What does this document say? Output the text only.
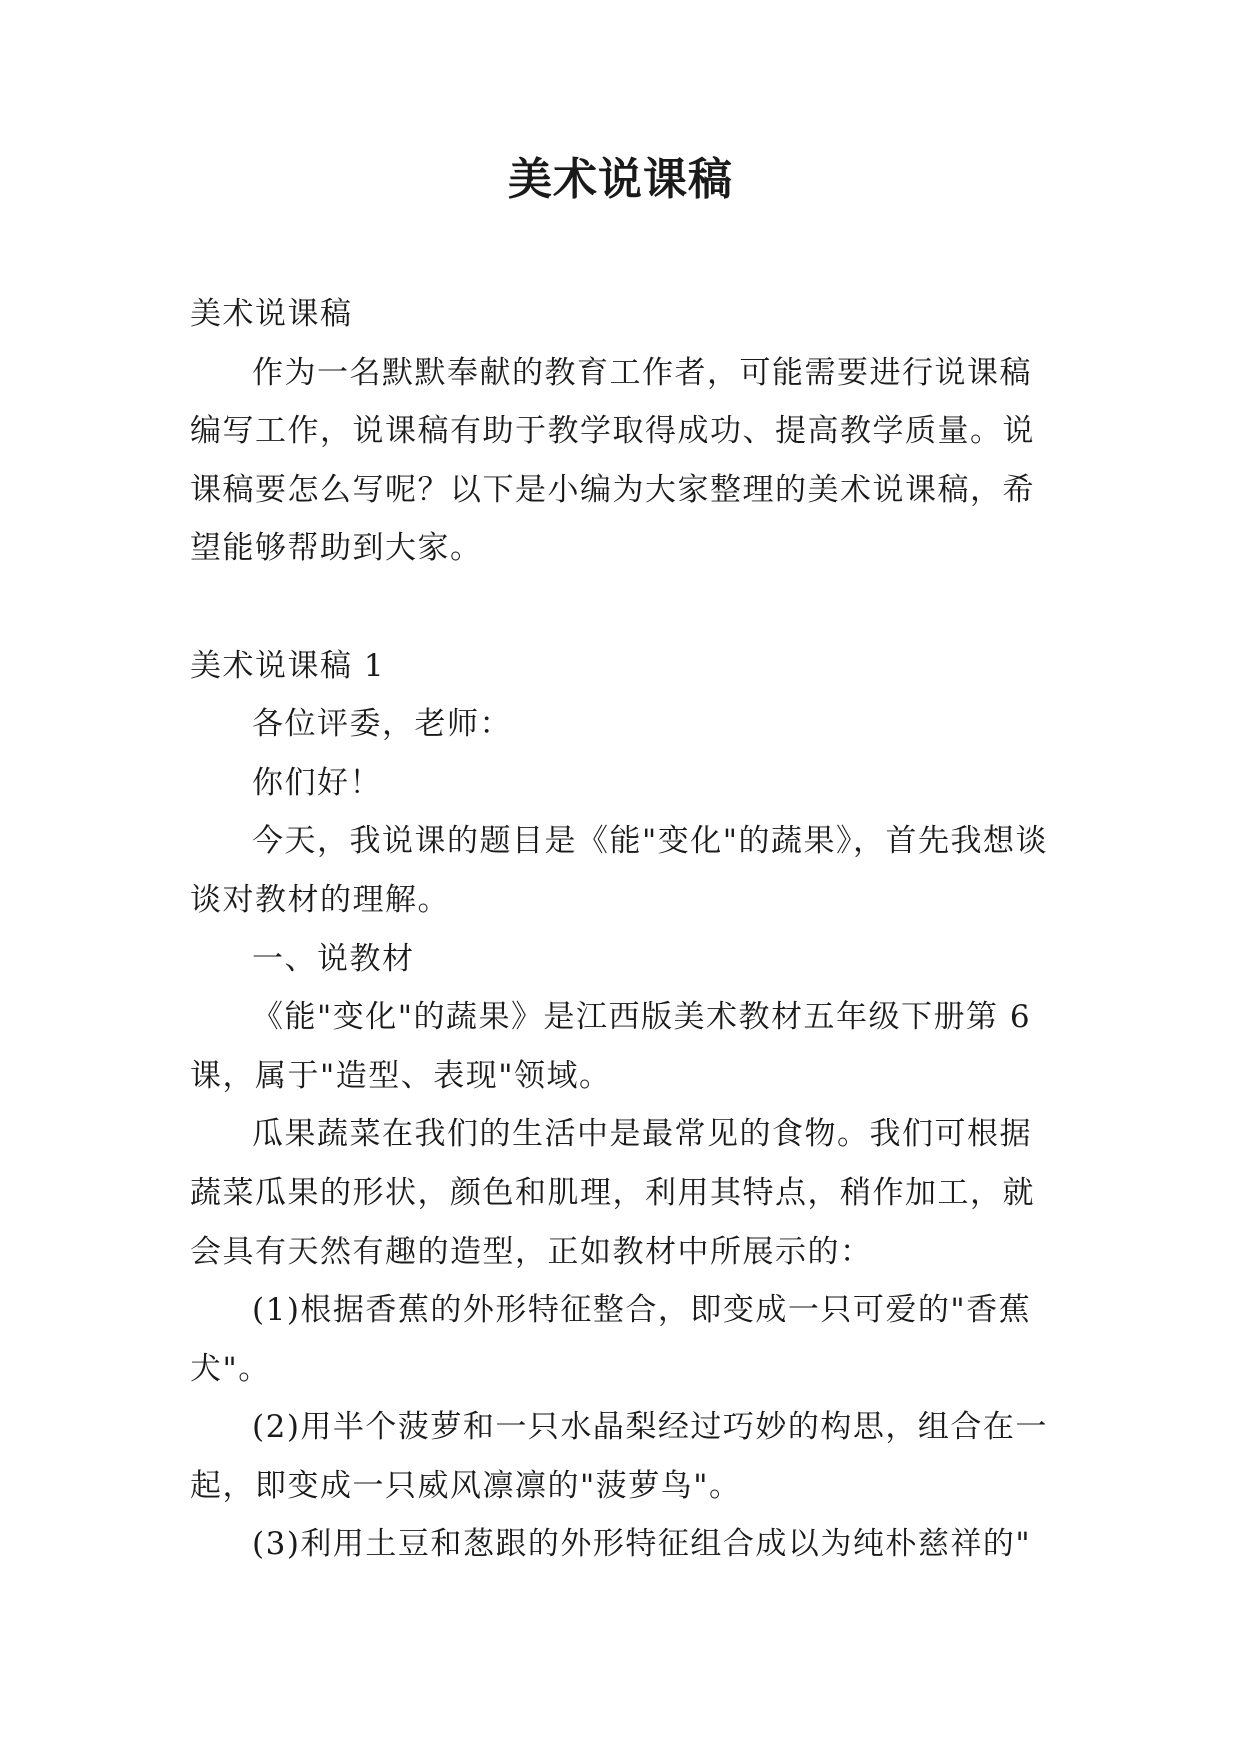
美术说课稿

美术说课稿

作为一名默默奉献的教育工作者，可能需要进行说课稿编写工作，说课稿有助于教学取得成功、提高教学质量。说课稿要怎么写呢？以下是小编为大家整理的美术说课稿，希望能够帮助到大家。

美术说课稿 1

各位评委，老师：

你们好！

今天，我说课的题目是《能"变化"的蔬果》，首先我想谈谈对教材的理解。

一、说教材

《能"变化"的蔬果》是江西版美术教材五年级下册第 6 课，属于"造型、表现"领域。

瓜果蔬菜在我们的生活中是最常见的食物。我们可根据蔬菜瓜果的形状，颜色和肌理，利用其特点，稍作加工，就会具有天然有趣的造型，正如教材中所展示的：

(1)根据香蕉的外形特征整合，即变成一只可爱的"香蕉犬"。

(2)用半个菠萝和一只水晶梨经过巧妙的构思，组合在一起，即变成一只威风凛凛的"菠萝鸟"。

(3)利用土豆和葱跟的外形特征组合成以为纯朴慈祥的"
